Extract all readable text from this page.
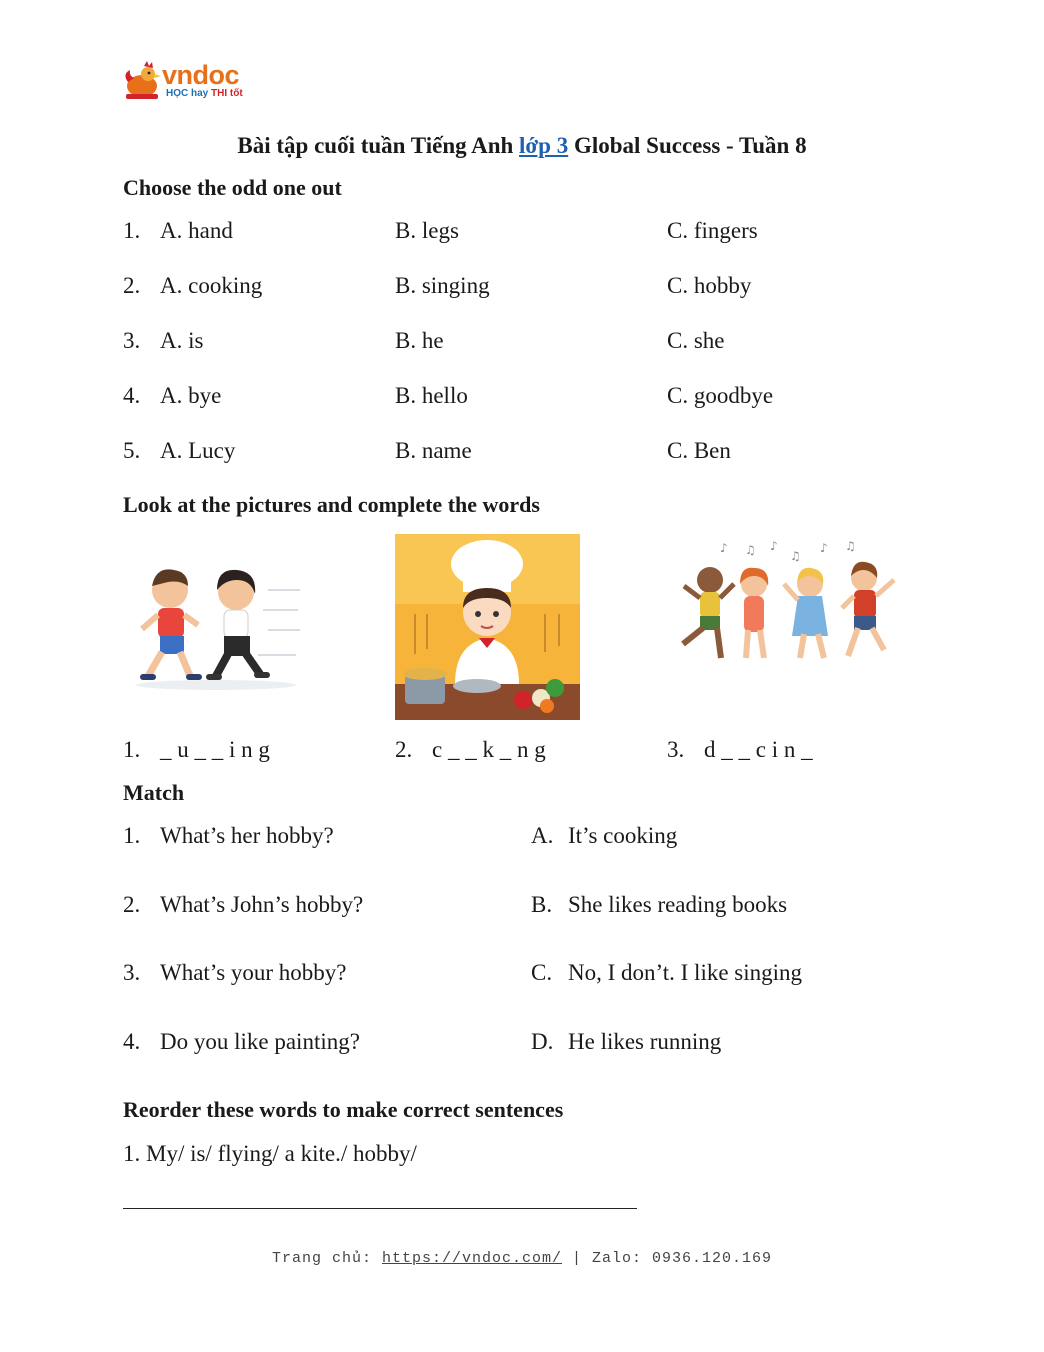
vndoc
HỌC hay THI tốt
Bài tập cuối tuần Tiếng Anh lớp 3 Global Success - Tuần 8
Choose the odd one out
1. A. hand	B. legs	C. fingers
2. A. cooking	B. singing	C. hobby
3. A. is	B. he	C. she
4. A. bye	B. hello	C. goodbye
5. A. Lucy	B. name	C. Ben
Look at the pictures and complete the words
♪ ♫ ♪
♫
♪ ♫
1. _ u _ _ i n g	2. c _ _ k _ n g	3. d _ _ c i n _
Match
1. What’s her hobby?	A. It’s cooking
2. What’s John’s hobby?	B. She likes reading books
3. What’s your hobby?	C. No, I don’t. I like singing
4. Do you like painting?	D. He likes running
Reorder these words to make correct sentences
1. My/ is/ flying/ a kite./ hobby/
Trang chủ: https://vndoc.com/ | Zalo: 0936.120.169
